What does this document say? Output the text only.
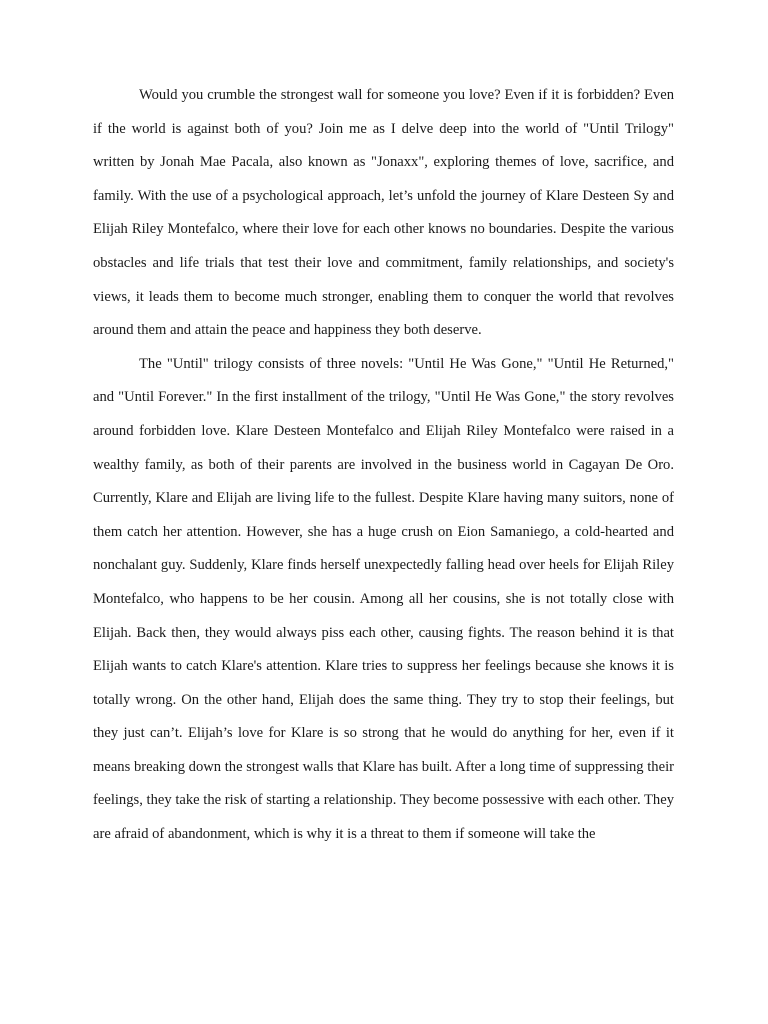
Would you crumble the strongest wall for someone you love? Even if it is forbidden? Even if the world is against both of you? Join me as I delve deep into the world of "Until Trilogy" written by Jonah Mae Pacala, also known as "Jonaxx", exploring themes of love, sacrifice, and family. With the use of a psychological approach, let’s unfold the journey of Klare Desteen Sy and Elijah Riley Montefalco, where their love for each other knows no boundaries. Despite the various obstacles and life trials that test their love and commitment, family relationships, and society's views, it leads them to become much stronger, enabling them to conquer the world that revolves around them and attain the peace and happiness they both deserve.

The "Until" trilogy consists of three novels: "Until He Was Gone," "Until He Returned," and "Until Forever." In the first installment of the trilogy, "Until He Was Gone," the story revolves around forbidden love. Klare Desteen Montefalco and Elijah Riley Montefalco were raised in a wealthy family, as both of their parents are involved in the business world in Cagayan De Oro. Currently, Klare and Elijah are living life to the fullest. Despite Klare having many suitors, none of them catch her attention. However, she has a huge crush on Eion Samaniego, a cold-hearted and nonchalant guy. Suddenly, Klare finds herself unexpectedly falling head over heels for Elijah Riley Montefalco, who happens to be her cousin. Among all her cousins, she is not totally close with Elijah. Back then, they would always piss each other, causing fights. The reason behind it is that Elijah wants to catch Klare's attention. Klare tries to suppress her feelings because she knows it is totally wrong. On the other hand, Elijah does the same thing. They try to stop their feelings, but they just can’t. Elijah’s love for Klare is so strong that he would do anything for her, even if it means breaking down the strongest walls that Klare has built. After a long time of suppressing their feelings, they take the risk of starting a relationship. They become possessive with each other. They are afraid of abandonment, which is why it is a threat to them if someone will take the
